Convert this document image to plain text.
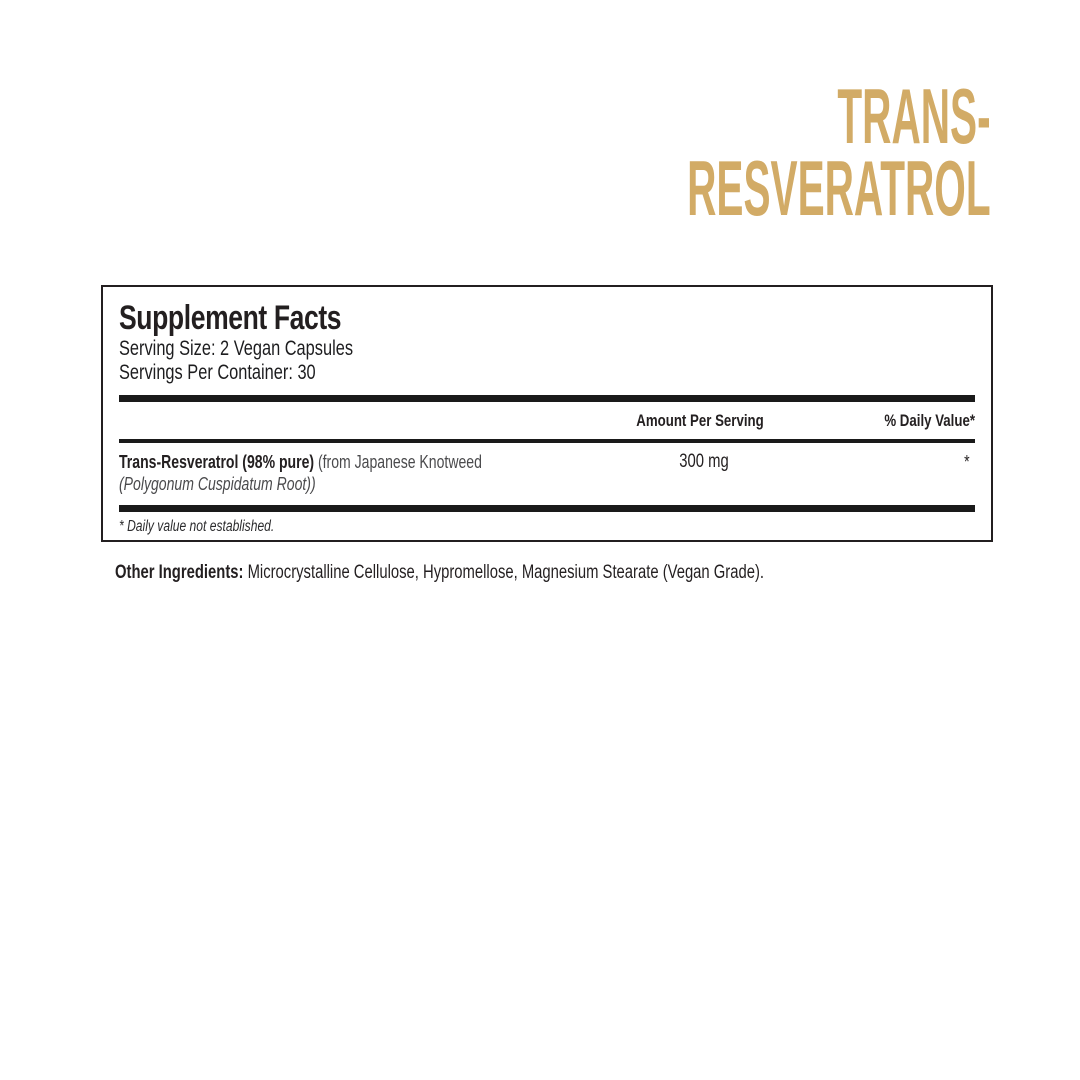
TRANS-
RESVERATROL
Supplement Facts
Serving Size: 2 Vegan Capsules
Servings Per Container: 30
Amount Per Serving	% Daily Value*
Trans-Resveratrol (98% pure) (from Japanese Knotweed
(Polygonum Cuspidatum Root))
300 mg	*
* Daily value not established.
Other Ingredients: Microcrystalline Cellulose, Hypromellose, Magnesium Stearate (Vegan Grade).
